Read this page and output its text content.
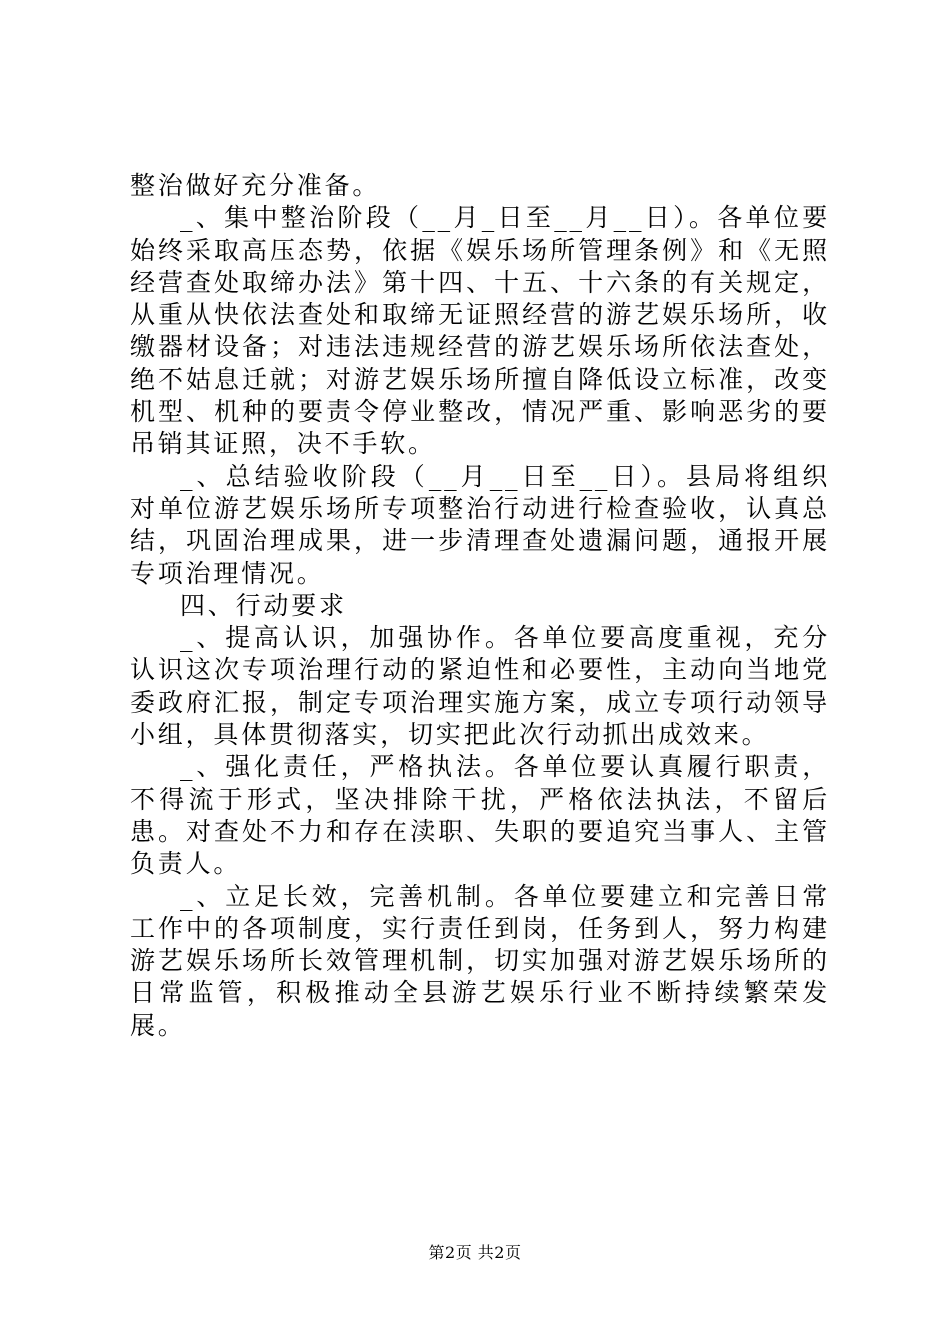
整治做好充分准备。

_、集中整治阶段（__月_日至__月__日）。各单位要始终采取高压态势，依据《娱乐场所管理条例》和《无照经营查处取缔办法》第十四、十五、十六条的有关规定，从重从快依法查处和取缔无证照经营的游艺娱乐场所，收缴器材设备；对违法违规经营的游艺娱乐场所依法查处，绝不姑息迁就；对游艺娱乐场所擅自降低设立标准，改变机型、机种的要责令停业整改，情况严重、影响恶劣的要吊销其证照，决不手软。

_、总结验收阶段（__月__日至__日）。县局将组织对单位游艺娱乐场所专项整治行动进行检查验收，认真总结，巩固治理成果，进一步清理查处遗漏问题，通报开展专项治理情况。

四、行动要求

_、提高认识，加强协作。各单位要高度重视，充分认识这次专项治理行动的紧迫性和必要性，主动向当地党委政府汇报，制定专项治理实施方案，成立专项行动领导小组，具体贯彻落实，切实把此次行动抓出成效来。

_、强化责任，严格执法。各单位要认真履行职责，不得流于形式，坚决排除干扰，严格依法执法，不留后患。对查处不力和存在渎职、失职的要追究当事人、主管负责人。

_、立足长效，完善机制。各单位要建立和完善日常工作中的各项制度，实行责任到岗，任务到人，努力构建游艺娱乐场所长效管理机制，切实加强对游艺娱乐场所的日常监管，积极推动全县游艺娱乐行业不断持续繁荣发展。

第2页 共2页
